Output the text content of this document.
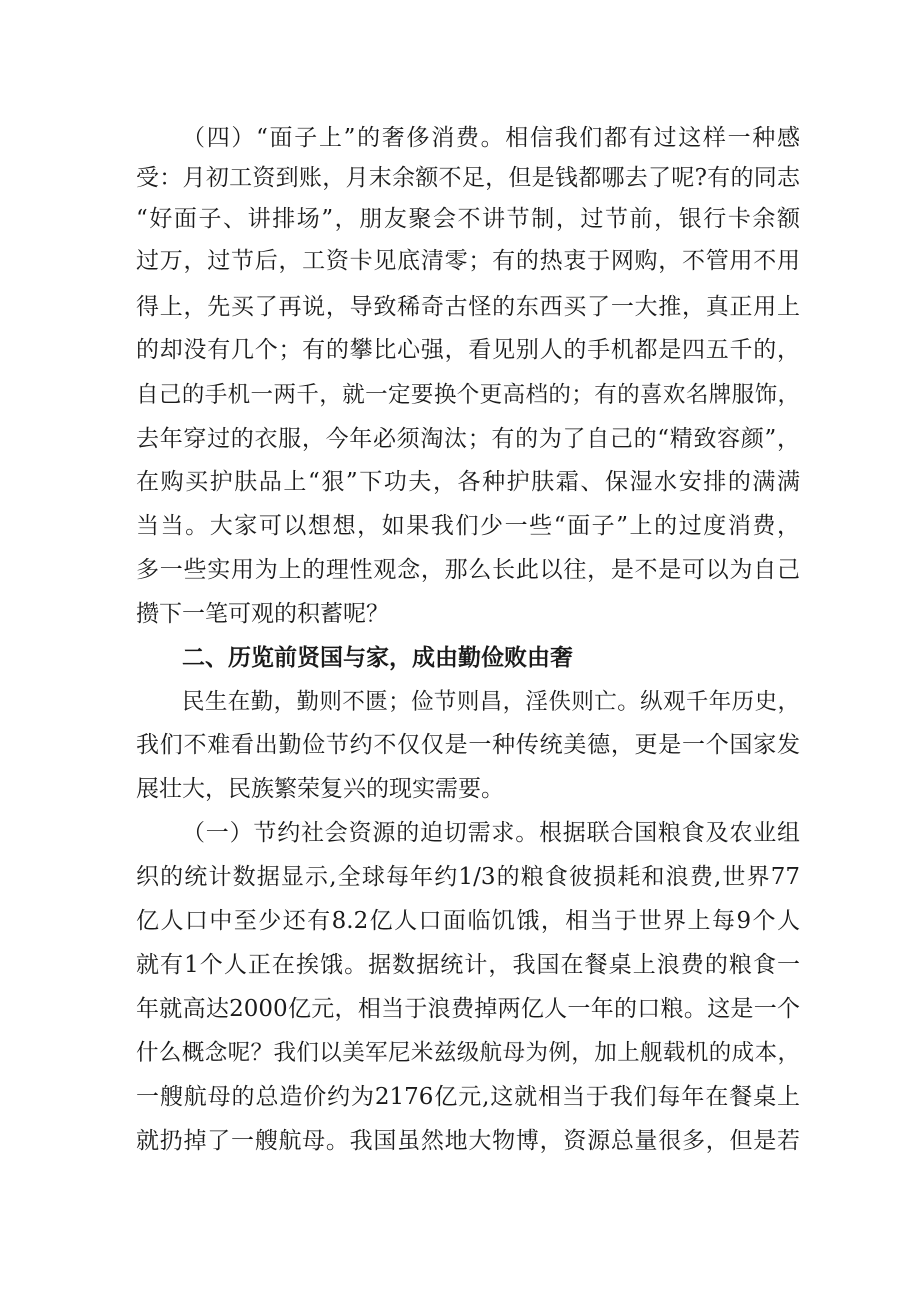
（四）“面子上”的奢侈消费。相信我们都有过这样一种感
受：月初工资到账，月末余额不足，但是钱都哪去了呢?有的同志
“好面子、讲排场”，朋友聚会不讲节制，过节前，银行卡余额
过万，过节后，工资卡见底清零；有的热衷于网购，不管用不用
得上，先买了再说，导致稀奇古怪的东西买了一大推，真正用上
的却没有几个；有的攀比心强，看见别人的手机都是四五千的，
自己的手机一两千，就一定要换个更高档的；有的喜欢名牌服饰，
去年穿过的衣服，今年必须淘汰；有的为了自己的“精致容颜”，
在购买护肤品上“狠”下功夫，各种护肤霜、保湿水安排的满满
当当。大家可以想想，如果我们少一些“面子”上的过度消费，
多一些实用为上的理性观念，那么长此以往，是不是可以为自己
攒下一笔可观的积蓄呢？
二、历览前贤国与家，成由勤俭败由奢
民生在勤，勤则不匮；俭节则昌，淫佚则亡。纵观千年历史，
我们不难看出勤俭节约不仅仅是一种传统美德，更是一个国家发
展壮大，民族繁荣复兴的现实需要。
（一）节约社会资源的迫切需求。根据联合国粮食及农业组
织的统计数据显示,全球每年约1/3的粮食彼损耗和浪费,世界77
亿人口中至少还有8.2亿人口面临饥饿，相当于世界上每9个人
就有1个人正在挨饿。据数据统计，我国在餐桌上浪费的粮食一
年就高达2000亿元，相当于浪费掉两亿人一年的口粮。这是一个
什么概念呢？我们以美军尼米兹级航母为例，加上舰载机的成本，
一艘航母的总造价约为2176亿元,这就相当于我们每年在餐桌上
就扔掉了一艘航母。我国虽然地大物博，资源总量很多，但是若
